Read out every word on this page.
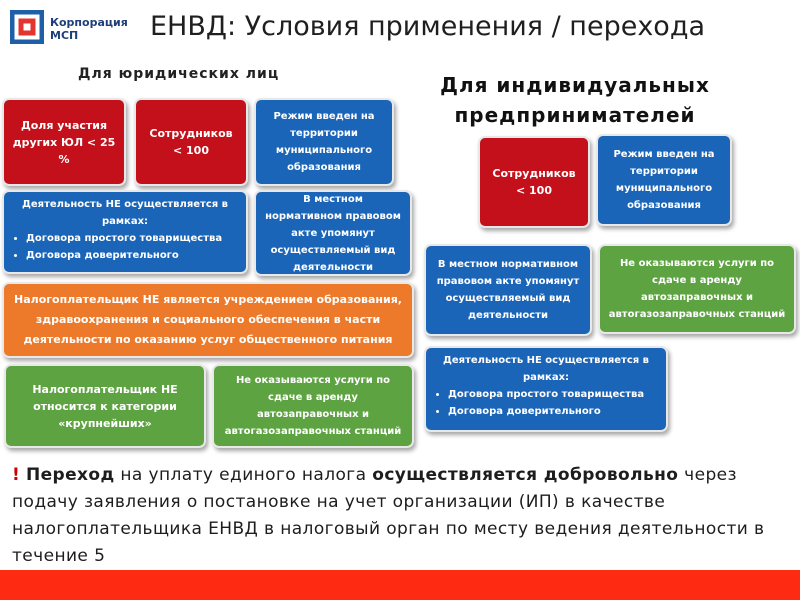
Корпорация
МСП	ЕНВД: Условия применения / перехода
Для юридических лиц	Для индивидуальных предпринимателей
Доля участия других ЮЛ < 25 %
Сотрудников < 100
Режим введен на территории муниципального образования
Деятельность НЕ осуществляется в рамках:
• Договора простого товарищества
• Договора доверительного
В местном нормативном правовом акте упомянут осуществляемый вид деятельности
Налогоплательщик НЕ является учреждением образования, здравоохранения и социального обеспечения в части деятельности по оказанию услуг общественного питания
Налогоплательщик НЕ относится к категории «крупнейших»
Не оказываются услуги по сдаче в аренду автозаправочных и автогазозаправочных станций
Сотрудников < 100
Режим введен на территории муниципального образования
В местном нормативном правовом акте упомянут осуществляемый вид деятельности
Не оказываются услуги по сдаче в аренду автозаправочных и автогазозаправочных станций
Деятельность НЕ осуществляется в рамках:
• Договора простого товарищества
• Договора доверительного
! Переход на уплату единого налога осуществляется добровольно через подачу заявления о постановке на учет организации (ИП) в качестве налогоплательщика ЕНВД в налоговый орган по месту ведения деятельности в течение 5
